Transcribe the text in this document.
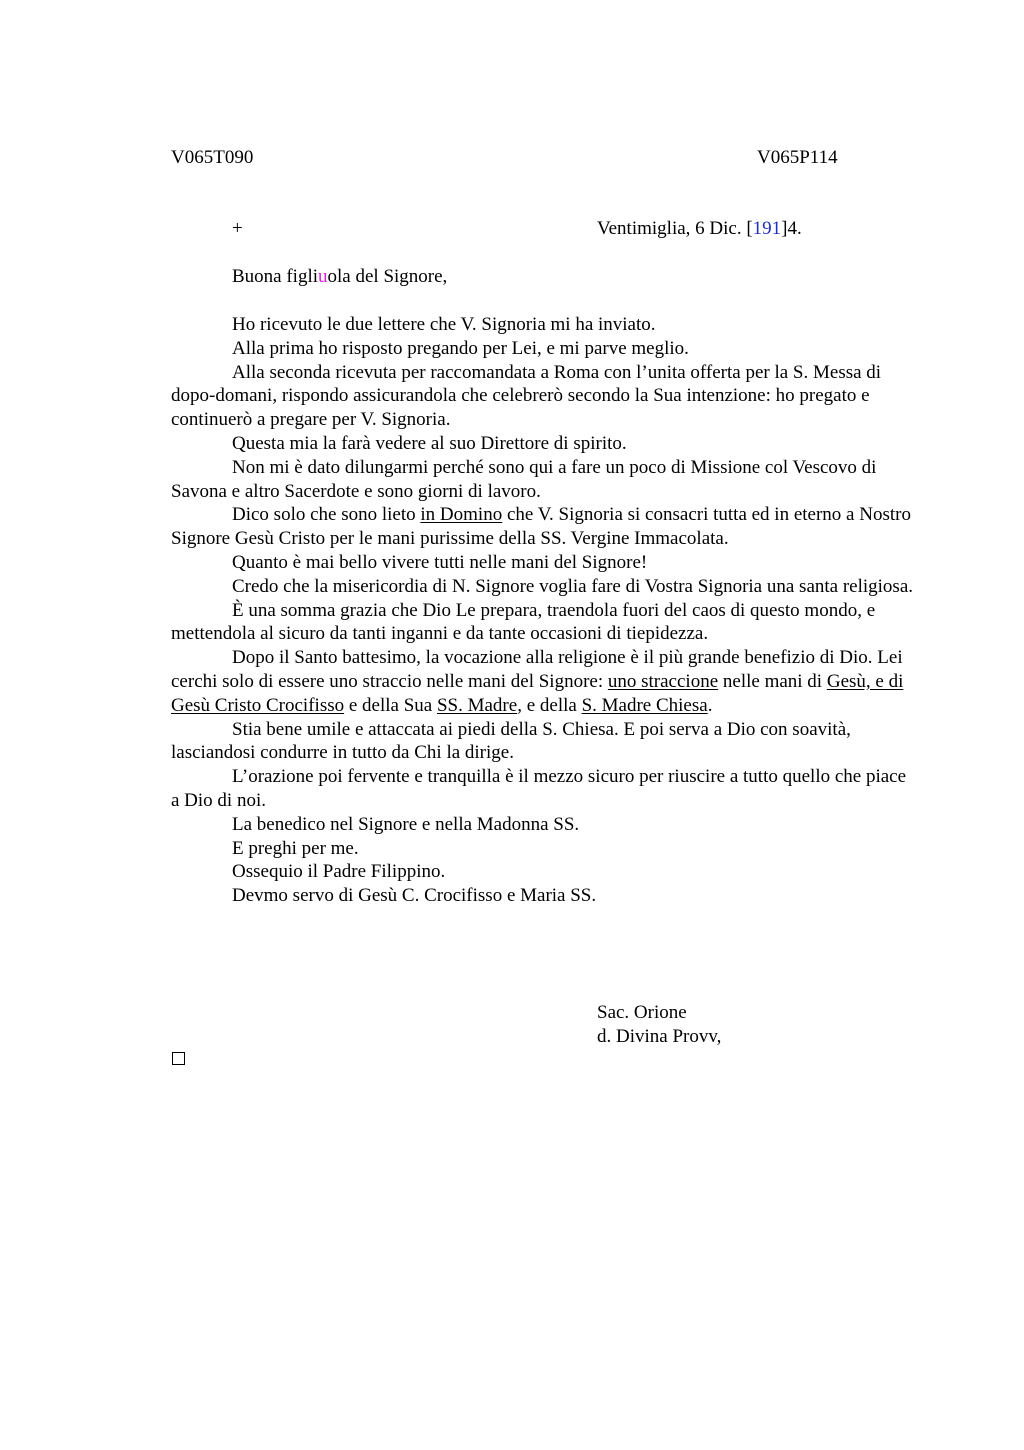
V065T090	V065P114
+	Ventimiglia, 6 Dic. [191]4.
Buona figliuola del Signore,

Ho ricevuto le due lettere che V. Signoria mi ha inviato.

Alla prima ho risposto pregando per Lei, e mi parve meglio.

Alla seconda ricevuta per raccomandata a Roma con l’unita offerta per la S. Messa di dopo-domani, rispondo assicurandola che celebrerò secondo la Sua intenzione: ho pregato e continuerò a pregare per V. Signoria.

Questa mia la farà vedere al suo Direttore di spirito.

Non mi è dato dilungarmi perché sono qui a fare un poco di Missione col Vescovo di Savona e altro Sacerdote e sono giorni di lavoro.

Dico solo che sono lieto in Domino che V. Signoria si consacri tutta ed in eterno a Nostro Signore Gesù Cristo per le mani purissime della SS. Vergine Immacolata.

Quanto è mai bello vivere tutti nelle mani del Signore!

Credo che la misericordia di N. Signore voglia fare di Vostra Signoria una santa religiosa.

È una somma grazia che Dio Le prepara, traendola fuori del caos di questo mondo, e mettendola al sicuro da tanti inganni e da tante occasioni di tiepidezza.

Dopo il Santo battesimo, la vocazione alla religione è il più grande benefizio di Dio. Lei cerchi solo di essere uno straccio nelle mani del Signore: uno straccione nelle mani di Gesù, e di Gesù Cristo Crocifisso e della Sua SS. Madre, e della S. Madre Chiesa.

Stia bene umile e attaccata ai piedi della S. Chiesa. E poi serva a Dio con soavità, lasciandosi condurre in tutto da Chi la dirige.

L’orazione poi fervente e tranquilla è il mezzo sicuro per riuscire a tutto quello che piace a Dio di noi.

La benedico nel Signore e nella Madonna SS.

E preghi per me.

Ossequio il Padre Filippino.

Devmo servo di Gesù C. Crocifisso e Maria SS.

Sac. Orione
d. Divina Provv,
